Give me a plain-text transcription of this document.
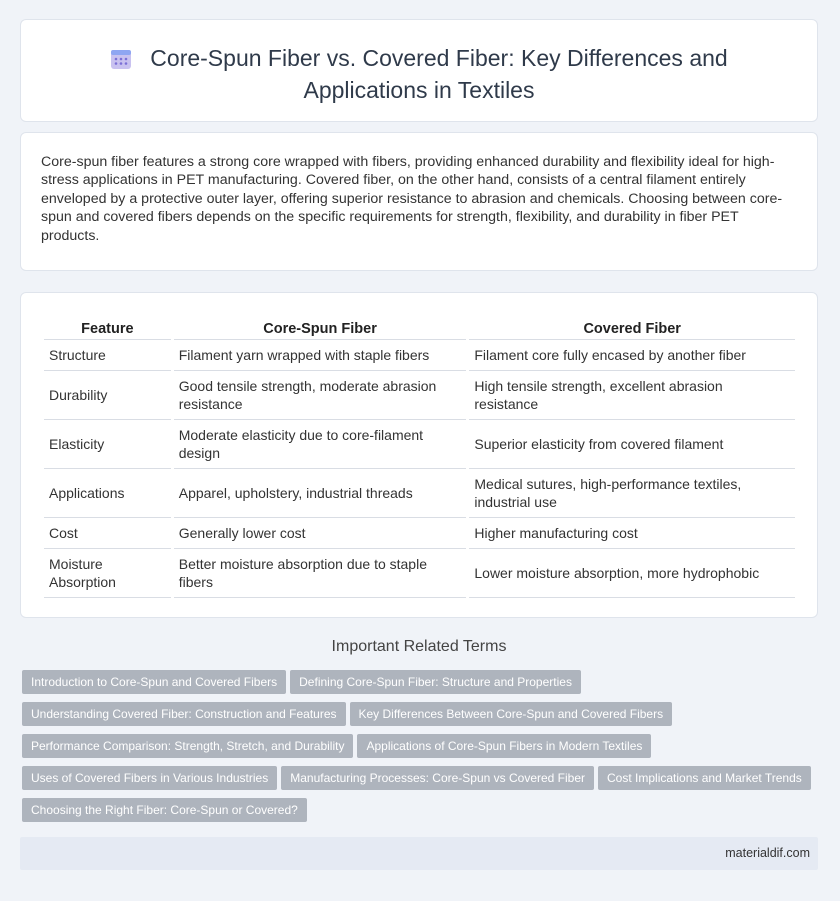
Core-Spun Fiber vs. Covered Fiber: Key Differences and
Applications in Textiles

Core-spun fiber features a strong core wrapped with fibers, providing enhanced durability and flexibility ideal for high-stress applications in PET manufacturing. Covered fiber, on the other hand, consists of a central filament entirely enveloped by a protective outer layer, offering superior resistance to abrasion and chemicals. Choosing between core-spun and covered fibers depends on the specific requirements for strength, flexibility, and durability in fiber PET products.

Feature	Core-Spun Fiber	Covered Fiber
Structure	Filament yarn wrapped with staple fibers	Filament core fully encased by another fiber
Durability	Good tensile strength, moderate abrasion resistance	High tensile strength, excellent abrasion resistance
Elasticity	Moderate elasticity due to core-filament design	Superior elasticity from covered filament
Applications	Apparel, upholstery, industrial threads	Medical sutures, high-performance textiles, industrial use
Cost	Generally lower cost	Higher manufacturing cost
Moisture Absorption	Better moisture absorption due to staple fibers	Lower moisture absorption, more hydrophobic
Important Related Terms
Introduction to Core-Spun and Covered Fibers Defining Core-Spun Fiber: Structure and Properties
Understanding Covered Fiber: Construction and Features Key Differences Between Core-Spun and Covered Fibers
Performance Comparison: Strength, Stretch, and Durability Applications of Core-Spun Fibers in Modern Textiles
Uses of Covered Fibers in Various Industries Manufacturing Processes: Core-Spun vs Covered Fiber Cost Implications and Market Trends
Choosing the Right Fiber: Core-Spun or Covered?
materialdif.com
